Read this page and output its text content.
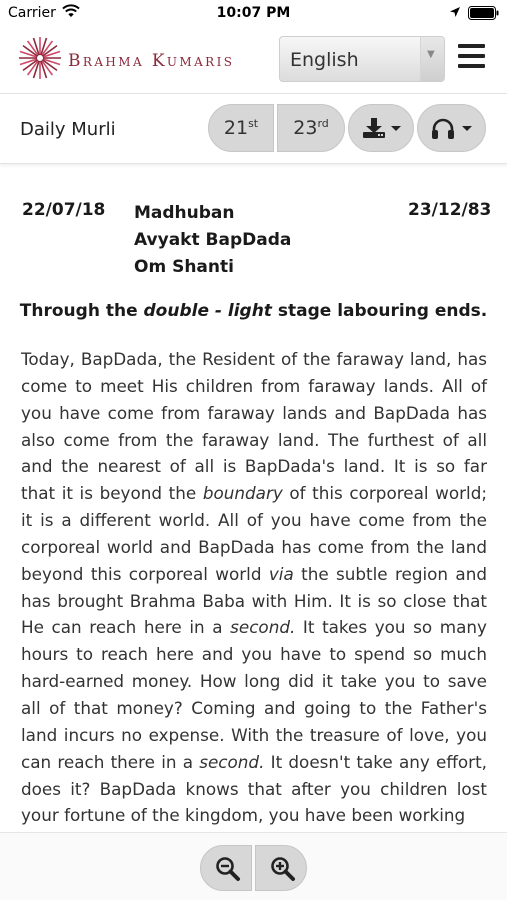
Carrier	10:07 PM
Brahma Kumaris	English	▼
Daily Murli	21st	23rd
22/07/18 Madhuban
Avyakt BapDada
Om Shanti
23/12/83
Through the double - light stage labouring ends.

Today, BapDada, the Resident of the faraway land, has come to meet His children from faraway lands. All of you have come from faraway lands and BapDada has also come from the faraway land. The furthest of all and the nearest of all is BapDada's land. It is so far that it is beyond the boundary of this corporeal world; it is a different world. All of you have come from the corporeal world and BapDada has come from the land beyond this corporeal world via the subtle region and has brought Brahma Baba with Him. It is so close that He can reach here in a second. It takes you so many hours to reach here and you have to spend so much hard-earned money. How long did it take you to save all of that money? Coming and going to the Father's land incurs no expense. With the treasure of love, you can reach there in a second. It doesn't take any effort, does it? BapDada knows that after you children lost your fortune of the kingdom, you have been working
